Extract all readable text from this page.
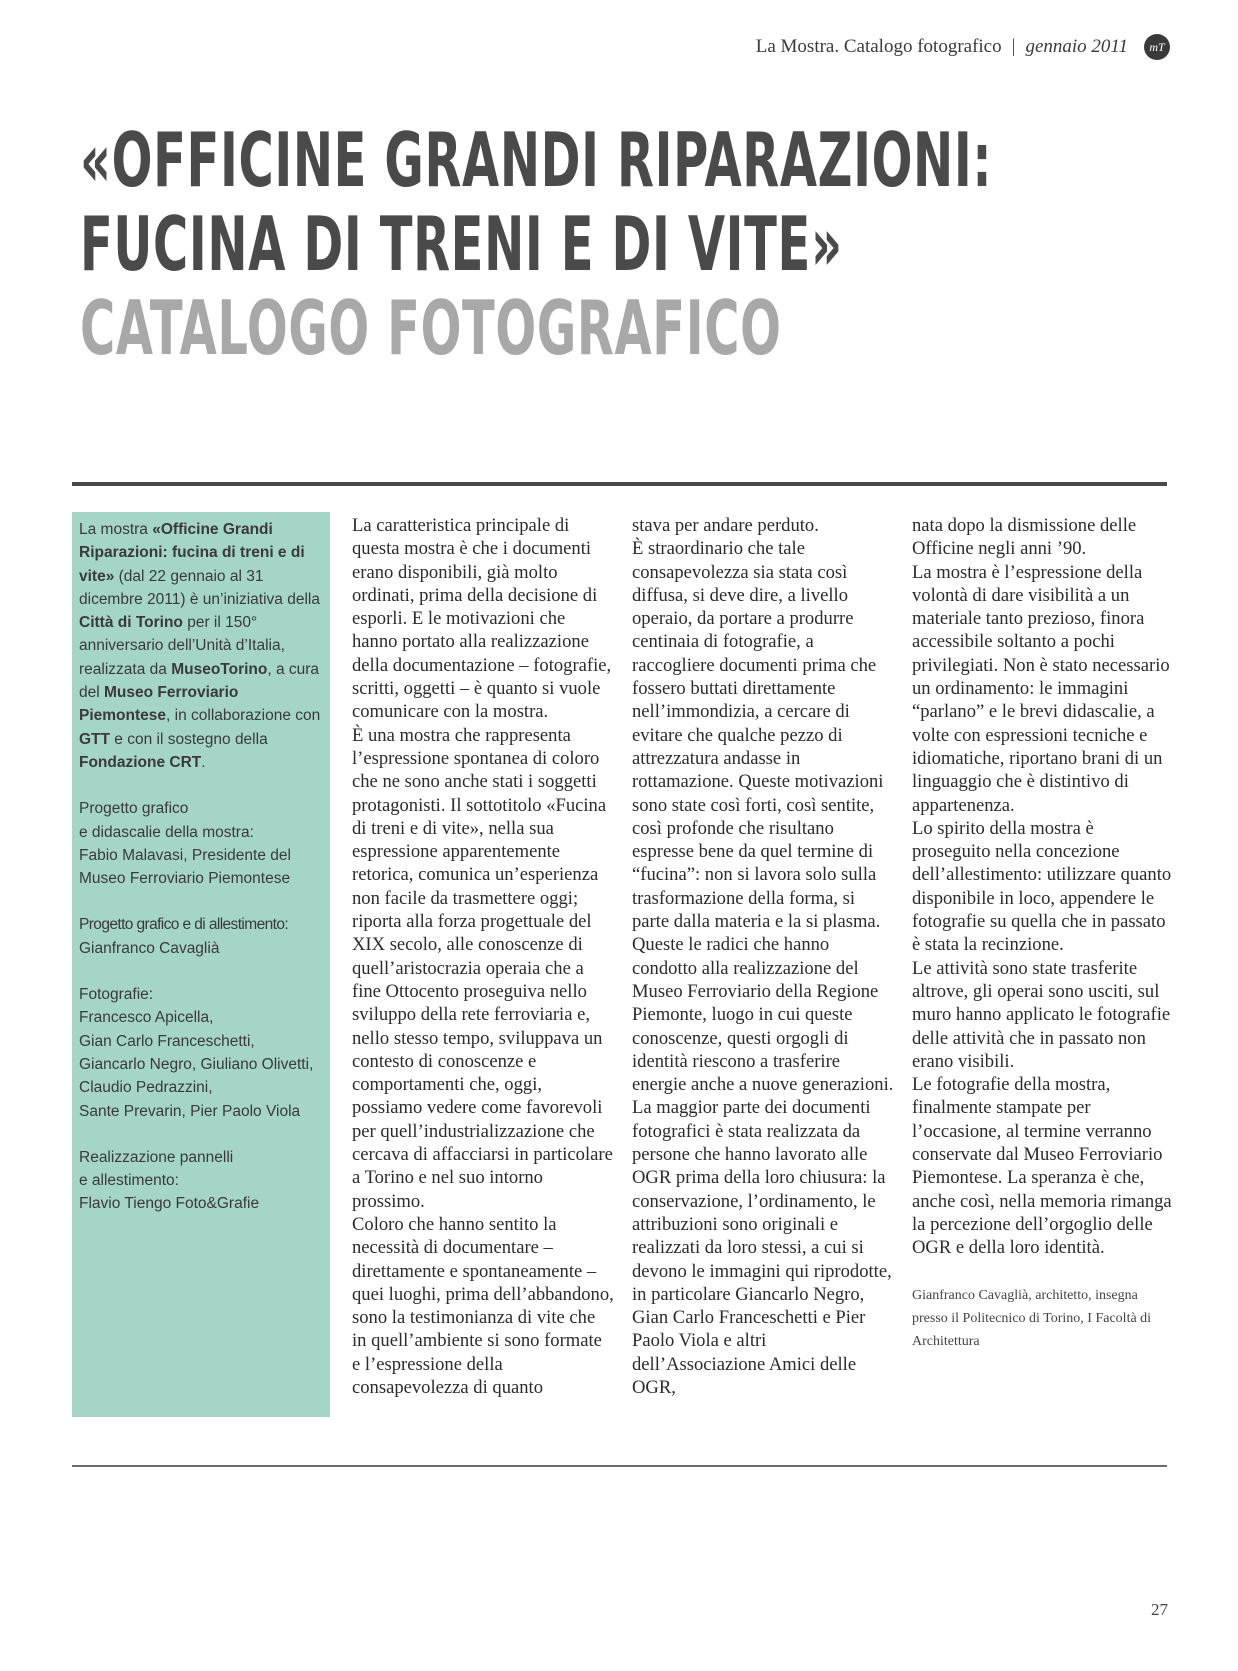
La Mostra. Catalogo fotografico | gennaio 2011	mT
«OFFICINE GRANDI RIPARAZIONI:
FUCINA DI TRENI E DI VITE»
CATALOGO FOTOGRAFICO

La mostra «Officine Grandi Riparazioni: fucina di treni e di vite» (dal 22 gennaio al 31 dicembre 2011) è un’iniziativa della Città di Torino per il 150° anniversario dell’Unità d’Italia, realizzata da MuseoTorino, a cura del Museo Ferroviario Piemontese, in collaborazione con GTT e con il sostegno della Fondazione CRT.

Progetto grafico
e didascalie della mostra:
Fabio Malavasi, Presidente del
Museo Ferroviario Piemontese

Progetto grafico e di allestimento:
Gianfranco Cavaglià

Fotografie:
Francesco Apicella,
Gian Carlo Franceschetti,
Giancarlo Negro, Giuliano Olivetti,
Claudio Pedrazzini,
Sante Prevarin, Pier Paolo Viola

Realizzazione pannelli
e allestimento:
Flavio Tiengo Foto&Grafie

La caratteristica principale di questa mostra è che i documenti erano disponibili, già molto ordinati, prima della decisione di esporli. E le motivazioni che hanno portato alla realizzazione della documentazione – fotografie, scritti, oggetti – è quanto si vuole comunicare con la mostra.

È una mostra che rappresenta l’espressione spontanea di coloro che ne sono anche stati i soggetti protagonisti. Il sottotitolo «Fucina di treni e di vite», nella sua espressione apparentemente retorica, comunica un’esperienza non facile da trasmettere oggi; riporta alla forza progettuale del XIX secolo, alle conoscenze di quell’aristocrazia operaia che a fine Ottocento proseguiva nello sviluppo della rete ferroviaria e, nello stesso tempo, sviluppava un contesto di conoscenze e comportamenti che, oggi, possiamo vedere come favorevoli per quell’industrializzazione che cercava di affacciarsi in particolare a Torino e nel suo intorno prossimo.

Coloro che hanno sentito la necessità di documentare – direttamente e spontaneamente – quei luoghi, prima dell’abbandono, sono la testimonianza di vite che in quell’ambiente si sono formate e l’espressione della consapevolezza di quanto

stava per andare perduto.

È straordinario che tale consapevolezza sia stata così diffusa, si deve dire, a livello operaio, da portare a produrre centinaia di fotografie, a raccogliere documenti prima che fossero buttati direttamente nell’immondizia, a cercare di evitare che qualche pezzo di attrezzatura andasse in rottamazione. Queste motivazioni sono state così forti, così sentite, così profonde che risultano espresse bene da quel termine di “fucina”: non si lavora solo sulla trasformazione della forma, si parte dalla materia e la si plasma.

Queste le radici che hanno condotto alla realizzazione del Museo Ferroviario della Regione Piemonte, luogo in cui queste conoscenze, questi orgogli di identità riescono a trasferire energie anche a nuove generazioni.

La maggior parte dei documenti fotografici è stata realizzata da persone che hanno lavorato alle OGR prima della loro chiusura: la conservazione, l’ordinamento, le attribuzioni sono originali e realizzati da loro stessi, a cui si devono le immagini qui riprodotte, in particolare Giancarlo Negro, Gian Carlo Franceschetti e Pier Paolo Viola e altri dell’Associazione Amici delle OGR,

nata dopo la dismissione delle Officine negli anni ’90.

La mostra è l’espressione della volontà di dare visibilità a un materiale tanto prezioso, finora accessibile soltanto a pochi privilegiati. Non è stato necessario un ordinamento: le immagini “parlano” e le brevi didascalie, a volte con espressioni tecniche e idiomatiche, riportano brani di un linguaggio che è distintivo di appartenenza.

Lo spirito della mostra è proseguito nella concezione dell’allestimento: utilizzare quanto disponibile in loco, appendere le fotografie su quella che in passato è stata la recinzione.

Le attività sono state trasferite altrove, gli operai sono usciti, sul muro hanno applicato le fotografie delle attività che in passato non erano visibili.

Le fotografie della mostra, finalmente stampate per l’occasione, al termine verranno conservate dal Museo Ferroviario Piemontese. La speranza è che, anche così, nella memoria rimanga la percezione dell’orgoglio delle OGR e della loro identità.

Gianfranco Cavaglià, architetto, insegna presso il Politecnico di Torino, I Facoltà di Architettura

27
